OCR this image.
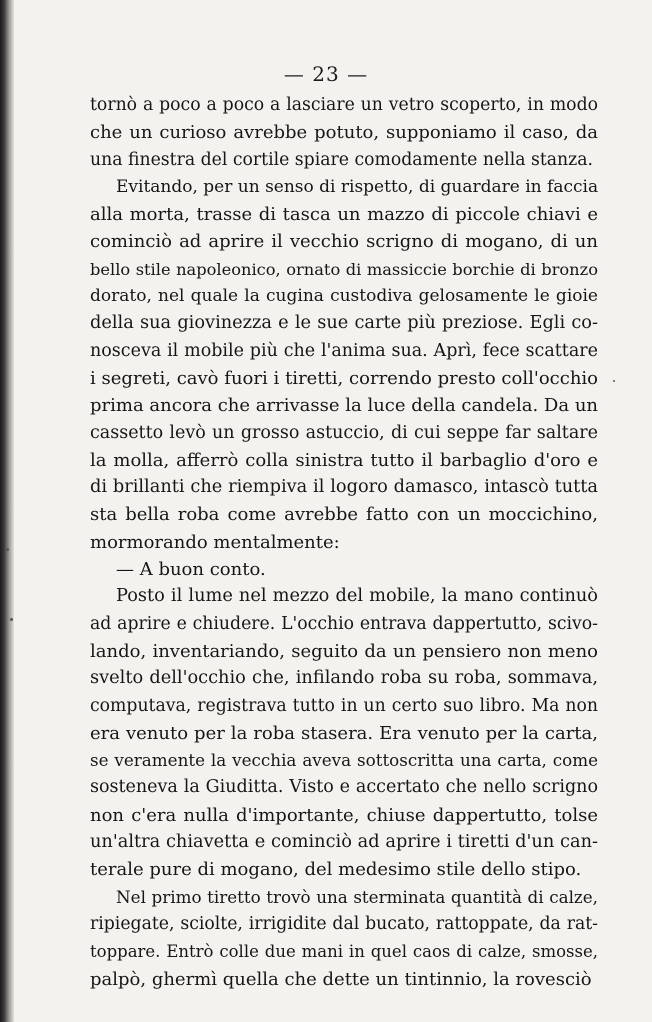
— 23 —
tornò a poco a poco a lasciare un vetro scoperto, in modo
che un curioso avrebbe potuto, supponiamo il caso, da
una finestra del cortile spiare comodamente nella stanza.
Evitando, per un senso di rispetto, di guardare in faccia
alla morta, trasse di tasca un mazzo di piccole chiavi e
cominciò ad aprire il vecchio scrigno di mogano, di un
bello stile napoleonico, ornato di massiccie borchie di bronzo
dorato, nel quale la cugina custodiva gelosamente le gioie
della sua giovinezza e le sue carte più preziose. Egli co-
nosceva il mobile più che l'anima sua. Aprì, fece scattare
i segreti, cavò fuori i tiretti, correndo presto coll'occhio
prima ancora che arrivasse la luce della candela. Da un
cassetto levò un grosso astuccio, di cui seppe far saltare
la molla, afferrò colla sinistra tutto il barbaglio d'oro e
di brillanti che riempiva il logoro damasco, intascò tutta
sta bella roba come avrebbe fatto con un moccichino,
mormorando mentalmente:
— A buon conto.
Posto il lume nel mezzo del mobile, la mano continuò
ad aprire e chiudere. L'occhio entrava dappertutto, scivo-
lando, inventariando, seguito da un pensiero non meno
svelto dell'occhio che, infilando roba su roba, sommava,
computava, registrava tutto in un certo suo libro. Ma non
era venuto per la roba stasera. Era venuto per la carta,
se veramente la vecchia aveva sottoscritta una carta, come
sosteneva la Giuditta. Visto e accertato che nello scrigno
non c'era nulla d'importante, chiuse dappertutto, tolse
un'altra chiavetta e cominciò ad aprire i tiretti d'un can-
terale pure di mogano, del medesimo stile dello stipo.
Nel primo tiretto trovò una sterminata quantità di calze,
ripiegate, sciolte, irrigidite dal bucato, rattoppate, da rat-
toppare. Entrò colle due mani in quel caos di calze, smosse,
palpò, ghermì quella che dette un tintinnio, la rovesciò
